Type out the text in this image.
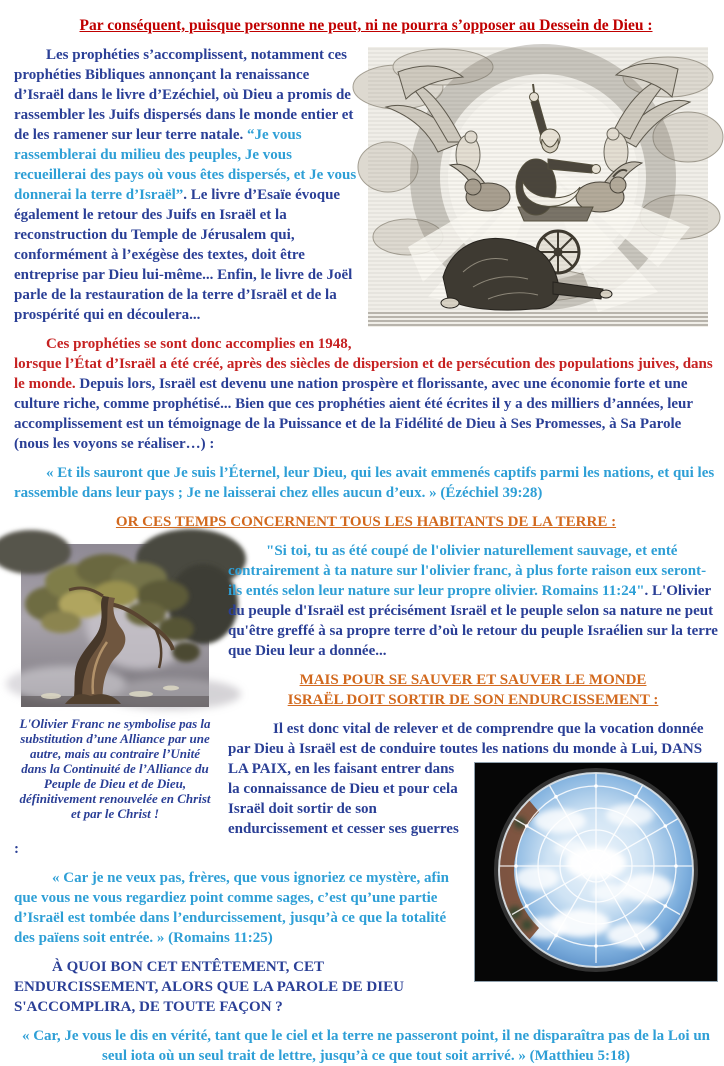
Par conséquent, puisque personne ne peut, ni ne pourra s’opposer au Dessein de Dieu :

Les prophéties s’accomplissent, notamment ces prophéties Bibliques annonçant la renaissance d’Israël dans le livre d’Ezéchiel, où Dieu a promis de rassembler les Juifs dispersés dans le monde entier et de les ramener sur leur terre natale. “Je vous rassemblerai du milieu des peuples, Je vous recueillerai des pays où vous êtes dispersés, et Je vous donnerai la terre d’Israël”. Le livre d’Esaïe évoque également le retour des Juifs en Israël et la reconstruction du Temple de Jérusalem qui, conformément à l’exégèse des textes, doit être entreprise par Dieu lui-même... Enfin, le livre de Joël parle de la restauration de la terre d’Israël et de la prospérité qui en découlera...

Ces prophéties se sont donc accomplies en 1948, lorsque l’État d’Israël a été créé, après des siècles de dispersion et de persécution des populations juives, dans le monde. Depuis lors, Israël est devenu une nation prospère et florissante, avec une économie forte et une culture riche, comme prophétisé... Bien que ces prophéties aient été écrites il y a des milliers d’années, leur accomplissement est un témoignage de la Puissance et de la Fidélité de Dieu à Ses Promesses, à Sa Parole (nous les voyons se réaliser…) :

« Et ils sauront que Je suis l’Éternel, leur Dieu, qui les avait emmenés captifs parmi les nations, et qui les rassemble dans leur pays ; Je ne laisserai chez elles aucun d’eux. » (Ézéchiel 39:28)

OR CES TEMPS CONCERNENT TOUS LES HABITANTS DE LA TERRE :
L'Olivier Franc ne symbolise pas la substitution d’une Alliance par une autre, mais au contraire l’Unité dans la Continuité de l’Alliance du Peuple de Dieu et de Dieu, définitivement renouvelée en Christ et par le Christ !

"Si toi, tu as été coupé de l'olivier naturellement sauvage, et enté contrairement à ta nature sur l'olivier franc, à plus forte raison eux seront-ils entés selon leur nature sur leur propre olivier. Romains 11:24". L'Olivier du peuple d'Israël est précisément Israël et le peuple selon sa nature ne peut qu'être greffé à sa propre terre d’où le retour du peuple Israélien sur la terre que Dieu leur a donnée...

MAIS POUR SE SAUVER ET SAUVER LE MONDE
ISRAËL DOIT SORTIR DE SON ENDURCISSEMENT :

Il est donc vital de relever et de comprendre que la vocation donnée par Dieu à Israël est de conduire toutes les nations du monde
à Lui, DANS LA PAIX, en les faisant entrer dans la connaissance de Dieu et pour cela Israël doit sortir de son endurcissement et cesser ses guerres :

« Car je ne veux pas, frères, que vous ignoriez ce mystère, afin que vous ne vous regardiez point comme sages, c’est qu’une partie d’Israël est tombée dans l’endurcissement, jusqu’à ce que la totalité des païens soit entrée. » (Romains 11:25)

À QUOI BON CET ENTÊTEMENT, CET ENDURCISSEMENT, ALORS QUE LA PAROLE DE DIEU S'ACCOMPLIRA, DE TOUTE FAÇON ?

« Car, Je vous le dis en vérité, tant que le ciel et la terre ne passeront point, il ne disparaîtra pas de la Loi un seul iota où un seul trait de lettre, jusqu’à ce que tout soit arrivé. » (Matthieu 5:18)
